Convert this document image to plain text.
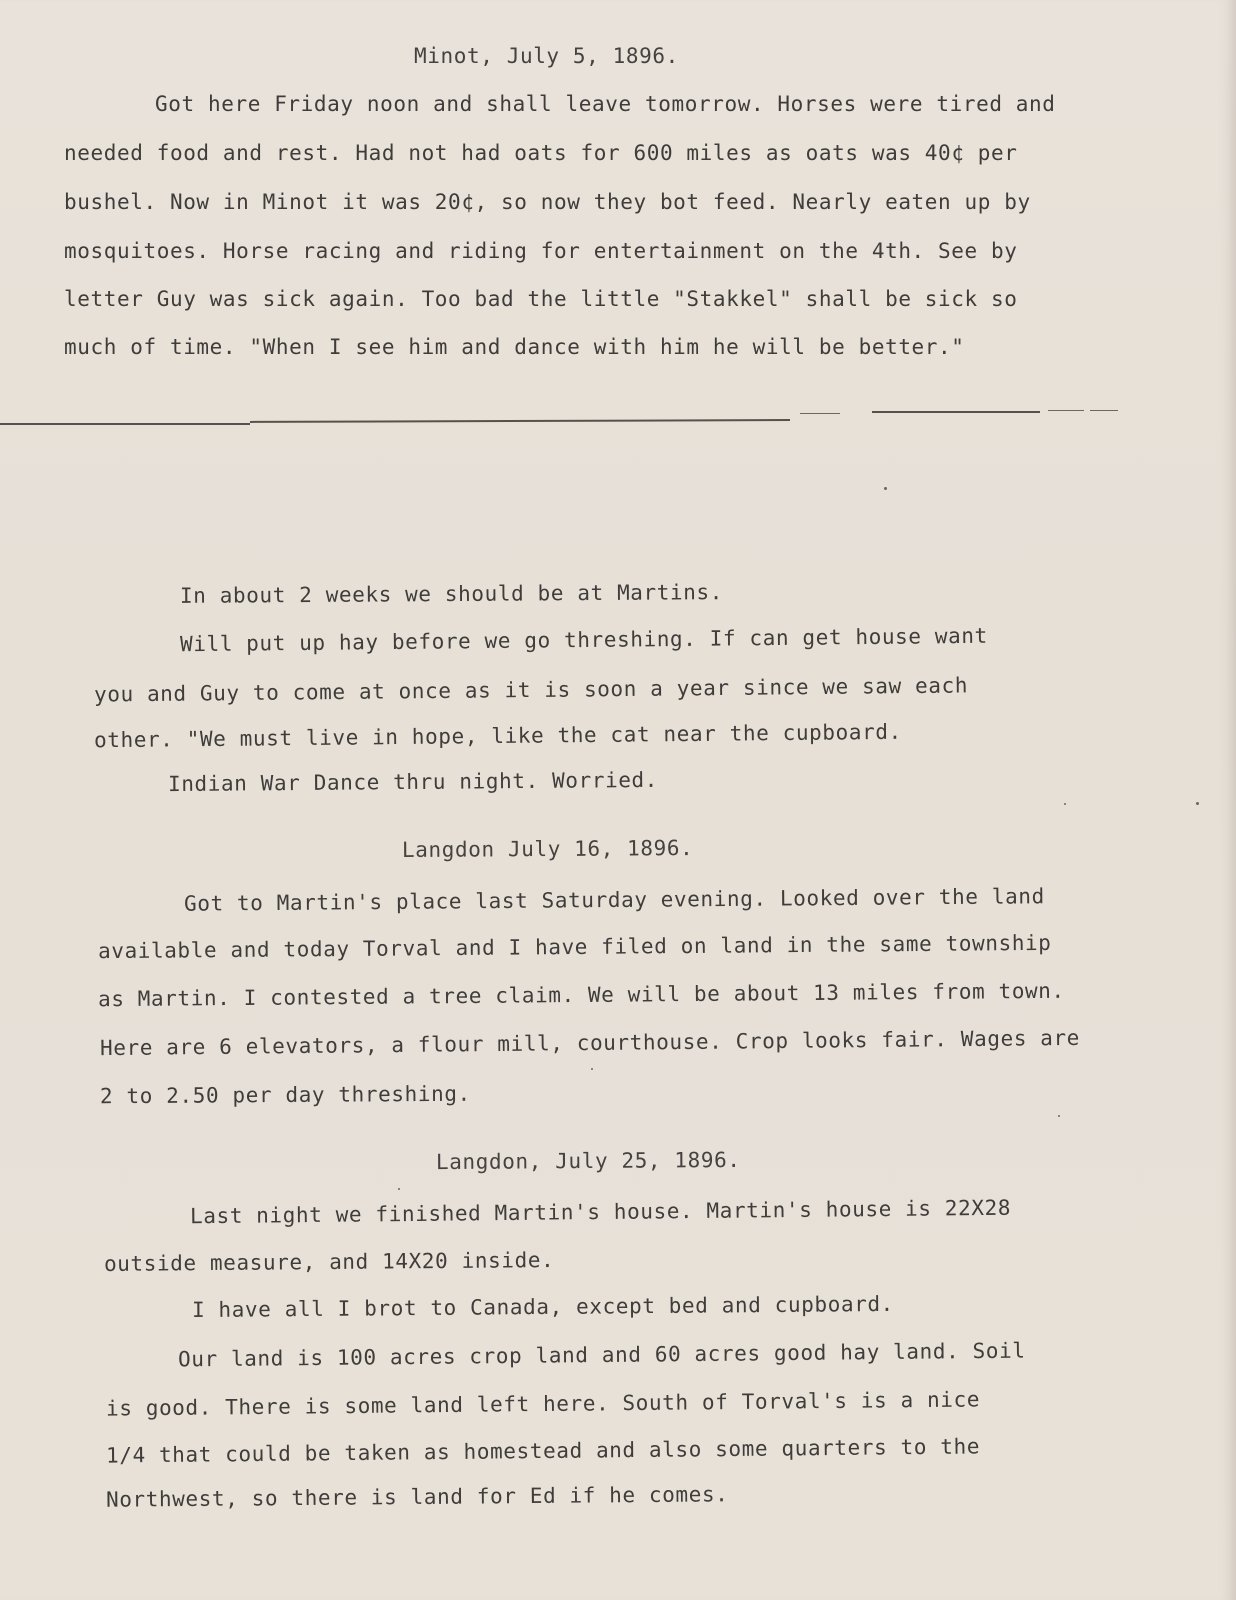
Minot, July 5, 1896.

Got here Friday noon and shall leave tomorrow. Horses were tired and

needed food and rest. Had not had oats for 600 miles as oats was 40¢ per

bushel. Now in Minot it was 20¢, so now they bot feed. Nearly eaten up by

mosquitoes. Horse racing and riding for entertainment on the 4th. See by

letter Guy was sick again. Too bad the little "Stakkel" shall be sick so

much of time. "When I see him and dance with him he will be better."

In about 2 weeks we should be at Martins.

Will put up hay before we go threshing. If can get house want

you and Guy to come at once as it is soon a year since we saw each

other. "We must live in hope, like the cat near the cupboard.

Indian War Dance thru night. Worried.

Langdon July 16, 1896.

Got to Martin's place last Saturday evening. Looked over the land

available and today Torval and I have filed on land in the same township

as Martin. I contested a tree claim. We will be about 13 miles from town.

Here are 6 elevators, a flour mill, courthouse. Crop looks fair. Wages are

2 to 2.50 per day threshing.

Langdon, July 25, 1896.

Last night we finished Martin's house. Martin's house is 22X28

outside measure, and 14X20 inside.

I have all I brot to Canada, except bed and cupboard.

Our land is 100 acres crop land and 60 acres good hay land. Soil

is good. There is some land left here. South of Torval's is a nice

1/4 that could be taken as homestead and also some quarters to the

Northwest, so there is land for Ed if he comes.
